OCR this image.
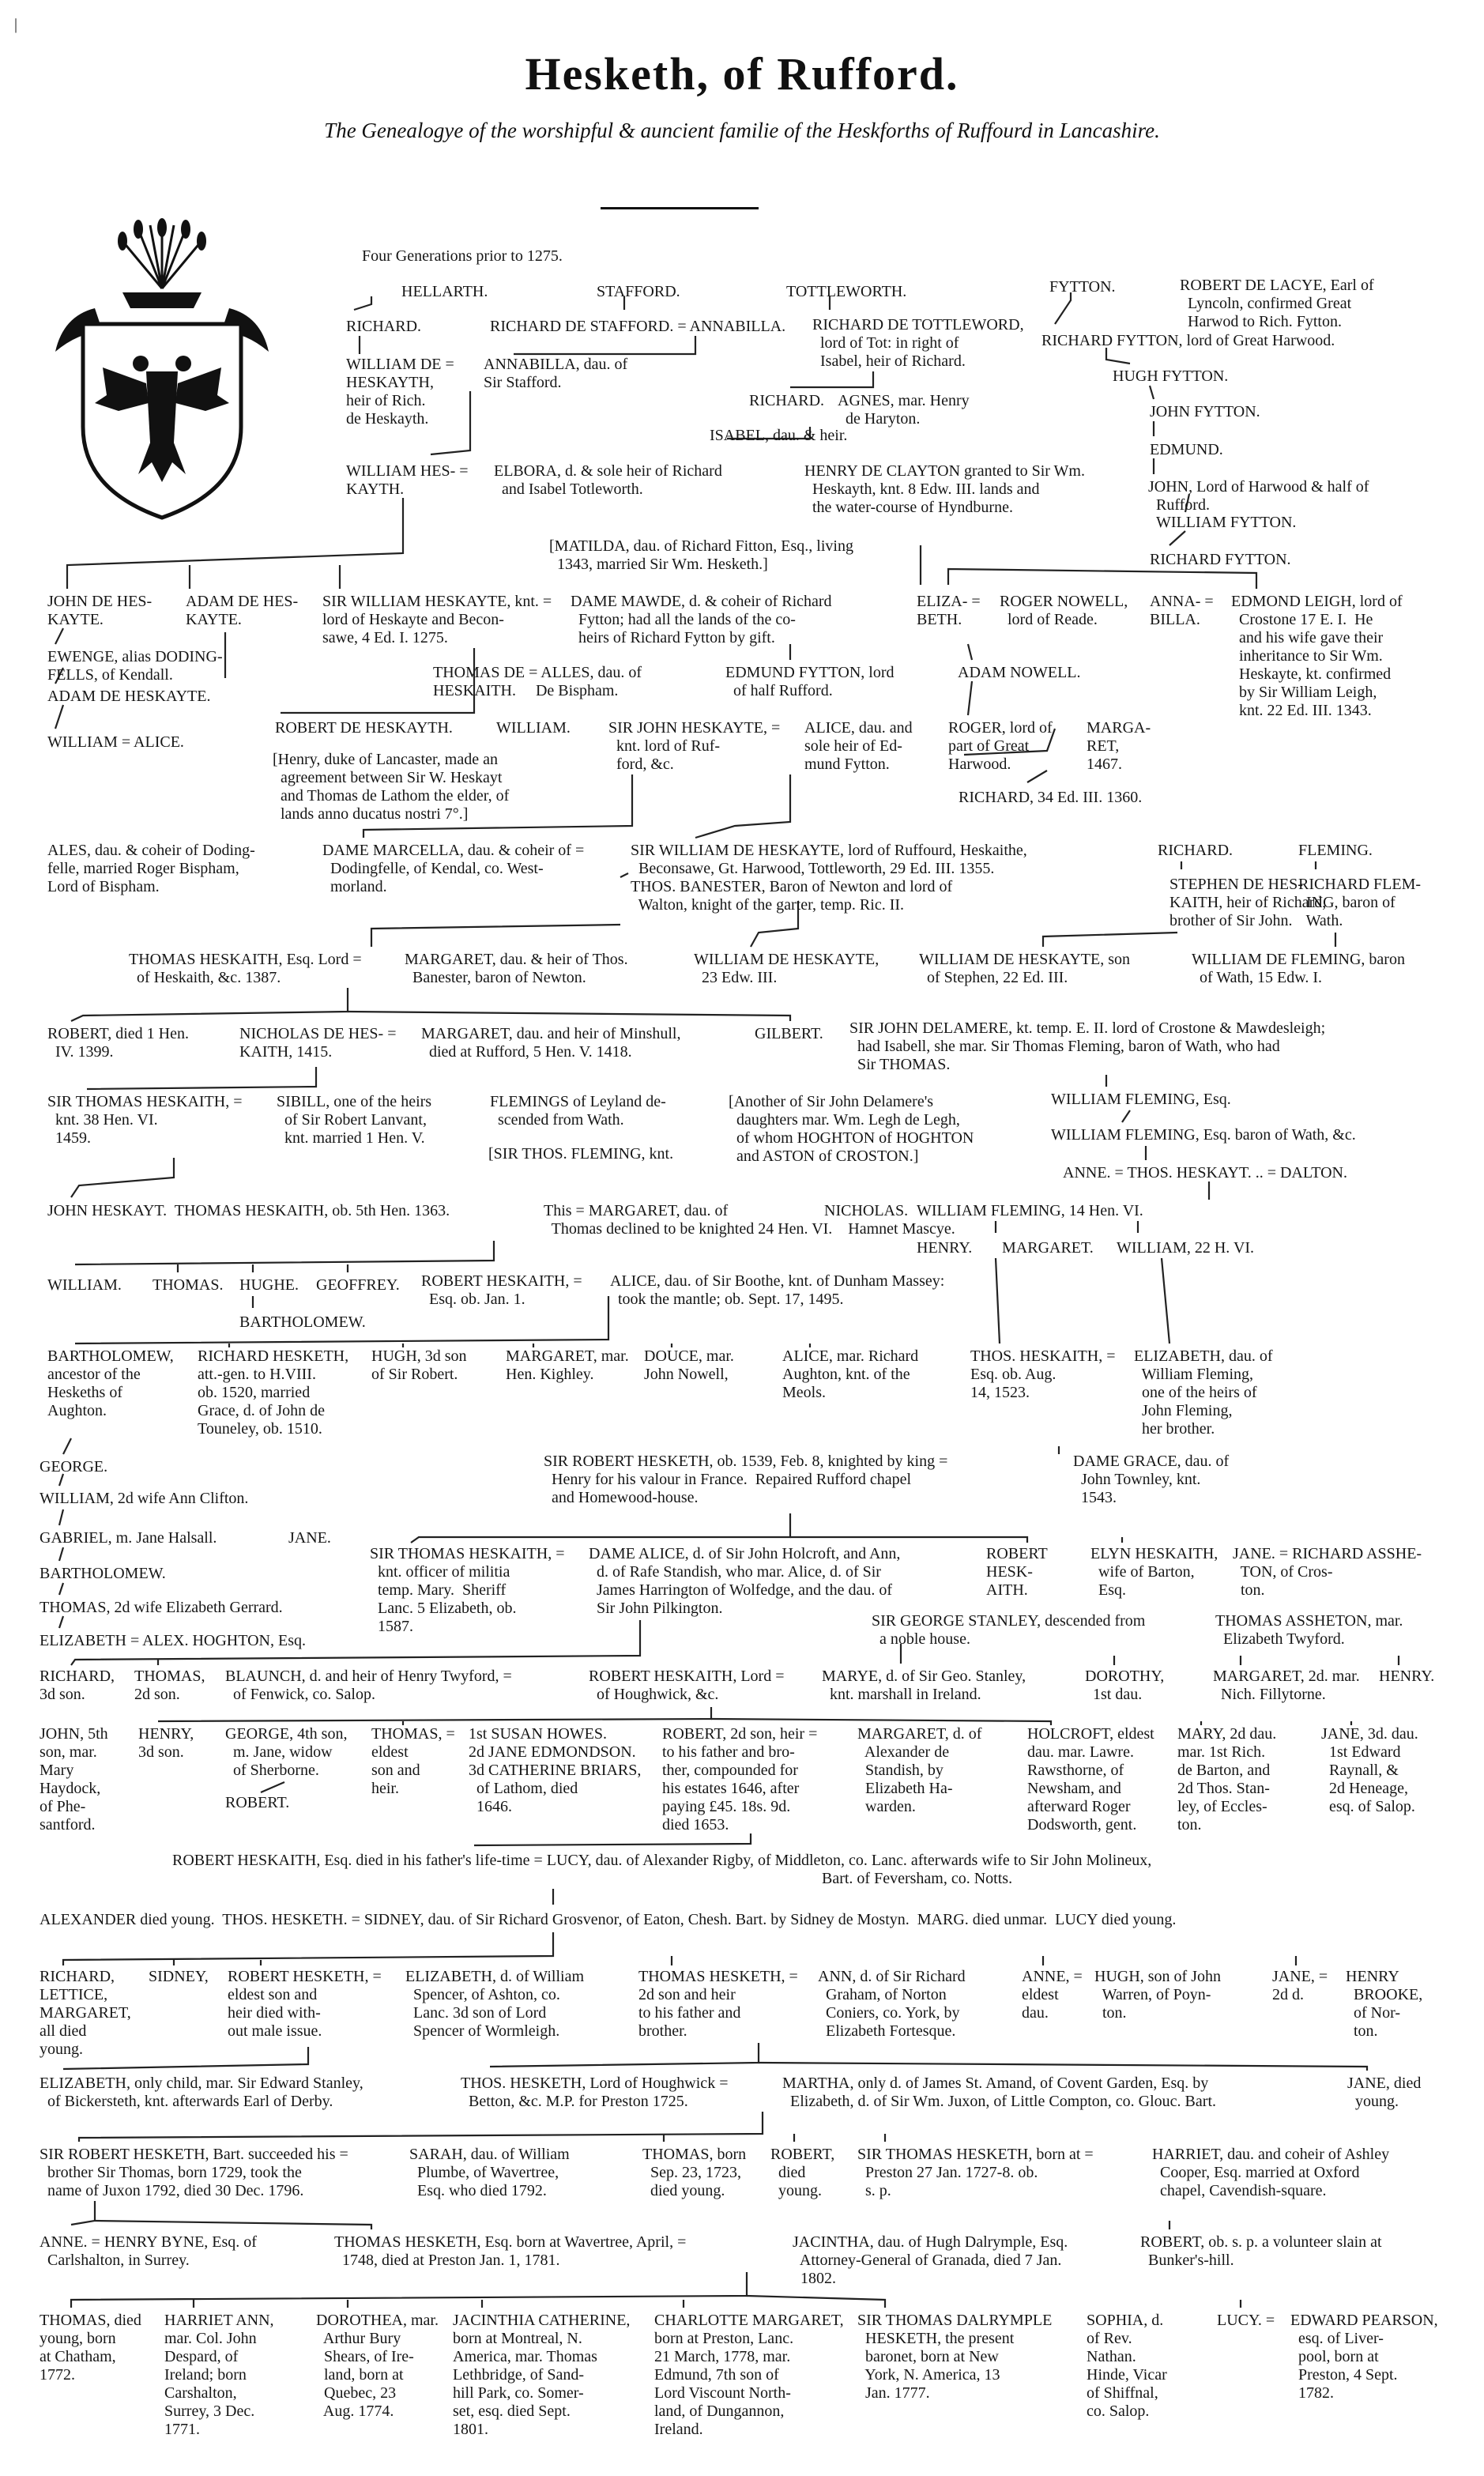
Hesketh, of Rufford.
The Genealogye of the worshipful & auncient familie of the Heskforths of Ruffourd in Lancashire.
|
Four Generations prior to 1275.
HELLARTH.	STAFFORD.	TOTTLEWORTH.	FYTTON.	ROBERT DE LACYE, Earl of
Lyncoln, confirmed Great
Harwod to Rich. Fytton.
RICHARD.	RICHARD DE STAFFORD. = ANNABILLA. RICHARD DE TOTTLEWORD,
lord of Tot: in right of
Isabel, heir of Richard.
RICHARD FYTTON, lord of Great Harwood.
WILLIAM DE =
HESKAYTH,
heir of Rich.
de Heskayth.
ANNABILLA, dau. of
Sir Stafford.	HUGH FYTTON.
RICHARD. AGNES, mar. Henry
de Haryton.	JOHN FYTTON.
ISABEL, dau. & heir.
EDMUND.
WILLIAM HES- =
KAYTH.
ELBORA, d. & sole heir of Richard
and Isabel Totleworth.
HENRY DE CLAYTON granted to Sir Wm.
Heskayth, knt. 8 Edw. III. lands and
the water-course of Hyndburne.
JOHN, Lord of Harwood & half of
Rufford.
WILLIAM FYTTON.
[MATILDA, dau. of Richard Fitton, Esq., living
1343, married Sir Wm. Hesketh.]	RICHARD FYTTON.
JOHN DE HES-
KAYTE.
ADAM DE HES-
KAYTE.
SIR WILLIAM HESKAYTE, knt. =
lord of Heskayte and Becon-
sawe, 4 Ed. I. 1275.
DAME MAWDE, d. & coheir of Richard
Fytton; had all the lands of the co-
heirs of Richard Fytton by gift.
ELIZA- =
BETH.
ROGER NOWELL,
lord of Reade.
ANNA- =
BILLA.
EDMOND LEIGH, lord of
Crostone 17 E. I.  He
and his wife gave their
inheritance to Sir Wm.
Heskayte, kt. confirmed
by Sir William Leigh,
knt. 22 Ed. III. 1343.
EWENGE, alias DODING-
FELLS, of Kendall.	THOMAS DE = ALLES, dau. of
HESKAITH.     De Bispham.
EDMUND FYTTON, lord
of half Rufford.
ADAM NOWELL.
ADAM DE HESKAYTE.
WILLIAM = ALICE.
ROBERT DE HESKAYTH.	WILLIAM. SIR JOHN HESKAYTE, =
knt. lord of Ruf-
ford, &c.
ALICE, dau. and
sole heir of Ed-
mund Fytton.
ROGER, lord of
part of Great
Harwood.
MARGA-
RET,
1467.
[Henry, duke of Lancaster, made an
agreement between Sir W. Heskayt
and Thomas de Lathom the elder, of
lands anno ducatus nostri 7°.]
RICHARD, 34 Ed. III. 1360.
ALES, dau. & coheir of Doding-
felle, married Roger Bispham,
Lord of Bispham.
DAME MARCELLA, dau. & coheir of =
Dodingfelle, of Kendal, co. West-
morland.
SIR WILLIAM DE HESKAYTE, lord of Ruffourd, Heskaithe,
Beconsawe, Gt. Harwood, Tottleworth, 29 Ed. III. 1355.
THOS. BANESTER, Baron of Newton and lord of
Walton, knight of the garter, temp. Ric. II.
RICHARD.	FLEMING.
STEPHEN DE HES-
KAITH, heir of Richard,
brother of Sir John.
RICHARD FLEM-
ING, baron of
Wath.
THOMAS HESKAITH, Esq. Lord =
of Heskaith, &c. 1387.
MARGARET, dau. & heir of Thos.
Banester, baron of Newton.
WILLIAM DE HESKAYTE,
23 Edw. III.
WILLIAM DE HESKAYTE, son
of Stephen, 22 Ed. III.
WILLIAM DE FLEMING, baron
of Wath, 15 Edw. I.
ROBERT, died 1 Hen.
IV. 1399.
NICHOLAS DE HES- =
KAITH, 1415.
MARGARET, dau. and heir of Minshull,
died at Rufford, 5 Hen. V. 1418.
GILBERT. SIR JOHN DELAMERE, kt. temp. E. II. lord of Crostone & Mawdesleigh;
had Isabell, she mar. Sir Thomas Fleming, baron of Wath, who had
Sir THOMAS.
SIR THOMAS HESKAITH, =
knt. 38 Hen. VI.
1459.
SIBILL, one of the heirs
of Sir Robert Lanvant,
knt. married 1 Hen. V.
FLEMINGS of Leyland de-
scended from Wath.
[SIR THOS. FLEMING, knt.
[Another of Sir John Delamere's
daughters mar. Wm. Legh de Legh,
of whom HOGHTON of HOGHTON
and ASTON of CROSTON.]
WILLIAM FLEMING, Esq.
WILLIAM FLEMING, Esq. baron of Wath, &c.
ANNE. = THOS. HESKAYT. .. = DALTON.
JOHN HESKAYT.  THOMAS HESKAITH, ob. 5th Hen. 1363.	This = MARGARET, dau. of
Thomas declined to be knighted 24 Hen. VI.    Hamnet Mascye.
NICHOLAS. WILLIAM FLEMING, 14 Hen. VI.
HENRY. MARGARET. WILLIAM, 22 H. VI.
WILLIAM. THOMAS. HUGHE. GEOFFREY. ROBERT HESKAITH, =
Esq. ob. Jan. 1.
ALICE, dau. of Sir Boothe, knt. of Dunham Massey:
took the mantle; ob. Sept. 17, 1495.
BARTHOLOMEW.
BARTHOLOMEW,
ancestor of the
Heskeths of
Aughton.
RICHARD HESKETH,
att.-gen. to H.VIII.
ob. 1520, married
Grace, d. of John de
Touneley, ob. 1510.
HUGH, 3d son
of Sir Robert.
MARGARET, mar.
Hen. Kighley.
DOUCE, mar.
John Nowell,
ALICE, mar. Richard
Aughton, knt. of the
Meols.
THOS. HESKAITH, =
Esq. ob. Aug.
14, 1523.
ELIZABETH, dau. of
William Fleming,
one of the heirs of
John Fleming,
her brother.
GEORGE.
WILLIAM, 2d wife Ann Clifton.
GABRIEL, m. Jane Halsall.	JANE.
BARTHOLOMEW.
THOMAS, 2d wife Elizabeth Gerrard.
ELIZABETH = ALEX. HOGHTON, Esq.
SIR ROBERT HESKETH, ob. 1539, Feb. 8, knighted by king =
Henry for his valour in France.  Repaired Rufford chapel
and Homewood-house.
DAME GRACE, dau. of
John Townley, knt.
1543.
SIR THOMAS HESKAITH, =
knt. officer of militia
temp. Mary.  Sheriff
Lanc. 5 Elizabeth, ob.
1587.
DAME ALICE, d. of Sir John Holcroft, and Ann,
d. of Rafe Standish, who mar. Alice, d. of Sir
James Harrington of Wolfedge, and the dau. of
Sir John Pilkington.
ROBERT
HESK-
AITH.
ELYN HESKAITH,
wife of Barton,
Esq.
JANE. = RICHARD ASSHE-
TON, of Cros-
ton.
SIR GEORGE STANLEY, descended from
a noble house.
THOMAS ASSHETON, mar.
Elizabeth Twyford.
RICHARD,
3d son.
THOMAS,
2d son.
BLAUNCH, d. and heir of Henry Twyford, =
of Fenwick, co. Salop.
ROBERT HESKAITH, Lord =
of Houghwick, &c.
MARYE, d. of Sir Geo. Stanley,
knt. marshall in Ireland.
DOROTHY,
1st dau.
MARGARET, 2d. mar.
Nich. Fillytorne.
HENRY.
JOHN, 5th
son, mar.
Mary
Haydock,
of Phe-
santford.
HENRY,
3d son.
GEORGE, 4th son,
m. Jane, widow
of Sherborne.
ROBERT.
THOMAS, =
eldest
son and
heir.
1st SUSAN HOWES.
2d JANE EDMONDSON.
3d CATHERINE BRIARS,
of Lathom, died
1646.
ROBERT, 2d son, heir =
to his father and bro-
ther, compounded for
his estates 1646, after
paying £45. 18s. 9d.
died 1653.
MARGARET, d. of
Alexander de
Standish, by
Elizabeth Ha-
warden.
HOLCROFT, eldest
dau. mar. Lawre.
Rawsthorne, of
Newsham, and
afterward Roger
Dodsworth, gent.
MARY, 2d dau.
mar. 1st Rich.
de Barton, and
2d Thos. Stan-
ley, of Eccles-
ton.
JANE, 3d. dau.
1st Edward
Raynall, &
2d Heneage,
esq. of Salop.
ROBERT HESKAITH, Esq. died in his father's life-time = LUCY, dau. of Alexander Rigby, of Middleton, co. Lanc. afterwards wife to Sir John Molineux,
Bart. of Feversham, co. Notts.
ALEXANDER died young.  THOS. HESKETH. = SIDNEY, dau. of Sir Richard Grosvenor, of Eaton, Chesh. Bart. by Sidney de Mostyn.  MARG. died unmar.  LUCY died young.
RICHARD,
LETTICE,
MARGARET,
all died
young.
SIDNEY, ROBERT HESKETH, =
eldest son and
heir died with-
out male issue.
ELIZABETH, d. of William
Spencer, of Ashton, co.
Lanc. 3d son of Lord
Spencer of Wormleigh.
THOMAS HESKETH, =
2d son and heir
to his father and
brother.
ANN, d. of Sir Richard
Graham, of Norton
Coniers, co. York, by
Elizabeth Fortesque.
ANNE, =
eldest
dau.
HUGH, son of John
Warren, of Poyn-
ton.
JANE, =
2d d.
HENRY
BROOKE,
of Nor-
ton.
ELIZABETH, only child, mar. Sir Edward Stanley,
of Bickersteth, knt. afterwards Earl of Derby.
THOS. HESKETH, Lord of Houghwick =
Betton, &c. M.P. for Preston 1725.
MARTHA, only d. of James St. Amand, of Covent Garden, Esq. by
Elizabeth, d. of Sir Wm. Juxon, of Little Compton, co. Glouc. Bart.
JANE, died
young.
SIR ROBERT HESKETH, Bart. succeeded his =
brother Sir Thomas, born 1729, took the
name of Juxon 1792, died 30 Dec. 1796.
SARAH, dau. of William
Plumbe, of Wavertree,
Esq. who died 1792.
THOMAS, born
Sep. 23, 1723,
died young.
ROBERT,
died
young.
SIR THOMAS HESKETH, born at =
Preston 27 Jan. 1727-8. ob.
s. p.
HARRIET, dau. and coheir of Ashley
Cooper, Esq. married at Oxford
chapel, Cavendish-square.
ANNE. = HENRY BYNE, Esq. of
Carlshalton, in Surrey.
THOMAS HESKETH, Esq. born at Wavertree, April, =
1748, died at Preston Jan. 1, 1781.
JACINTHA, dau. of Hugh Dalrymple, Esq.
Attorney-General of Granada, died 7 Jan.
1802.
ROBERT, ob. s. p. a volunteer slain at
Bunker's-hill.
THOMAS, died
young, born
at Chatham,
1772.
HARRIET ANN,
mar. Col. John
Despard, of
Ireland; born
Carshalton,
Surrey, 3 Dec.
1771.
DOROTHEA, mar.
Arthur Bury
Shears, of Ire-
land, born at
Quebec, 23
Aug. 1774.
JACINTHIA CATHERINE,
born at Montreal, N.
America, mar. Thomas
Lethbridge, of Sand-
hill Park, co. Somer-
set, esq. died Sept.
1801.
CHARLOTTE MARGARET,
born at Preston, Lanc.
21 March, 1778, mar.
Edmund, 7th son of
Lord Viscount North-
land, of Dungannon,
Ireland.
SIR THOMAS DALRYMPLE
HESKETH, the present
baronet, born at New
York, N. America, 13
Jan. 1777.
SOPHIA, d.
of Rev.
Nathan.
Hinde, Vicar
of Shiffnal,
co. Salop.
LUCY. = EDWARD PEARSON,
esq. of Liver-
pool, born at
Preston, 4 Sept.
1782.
